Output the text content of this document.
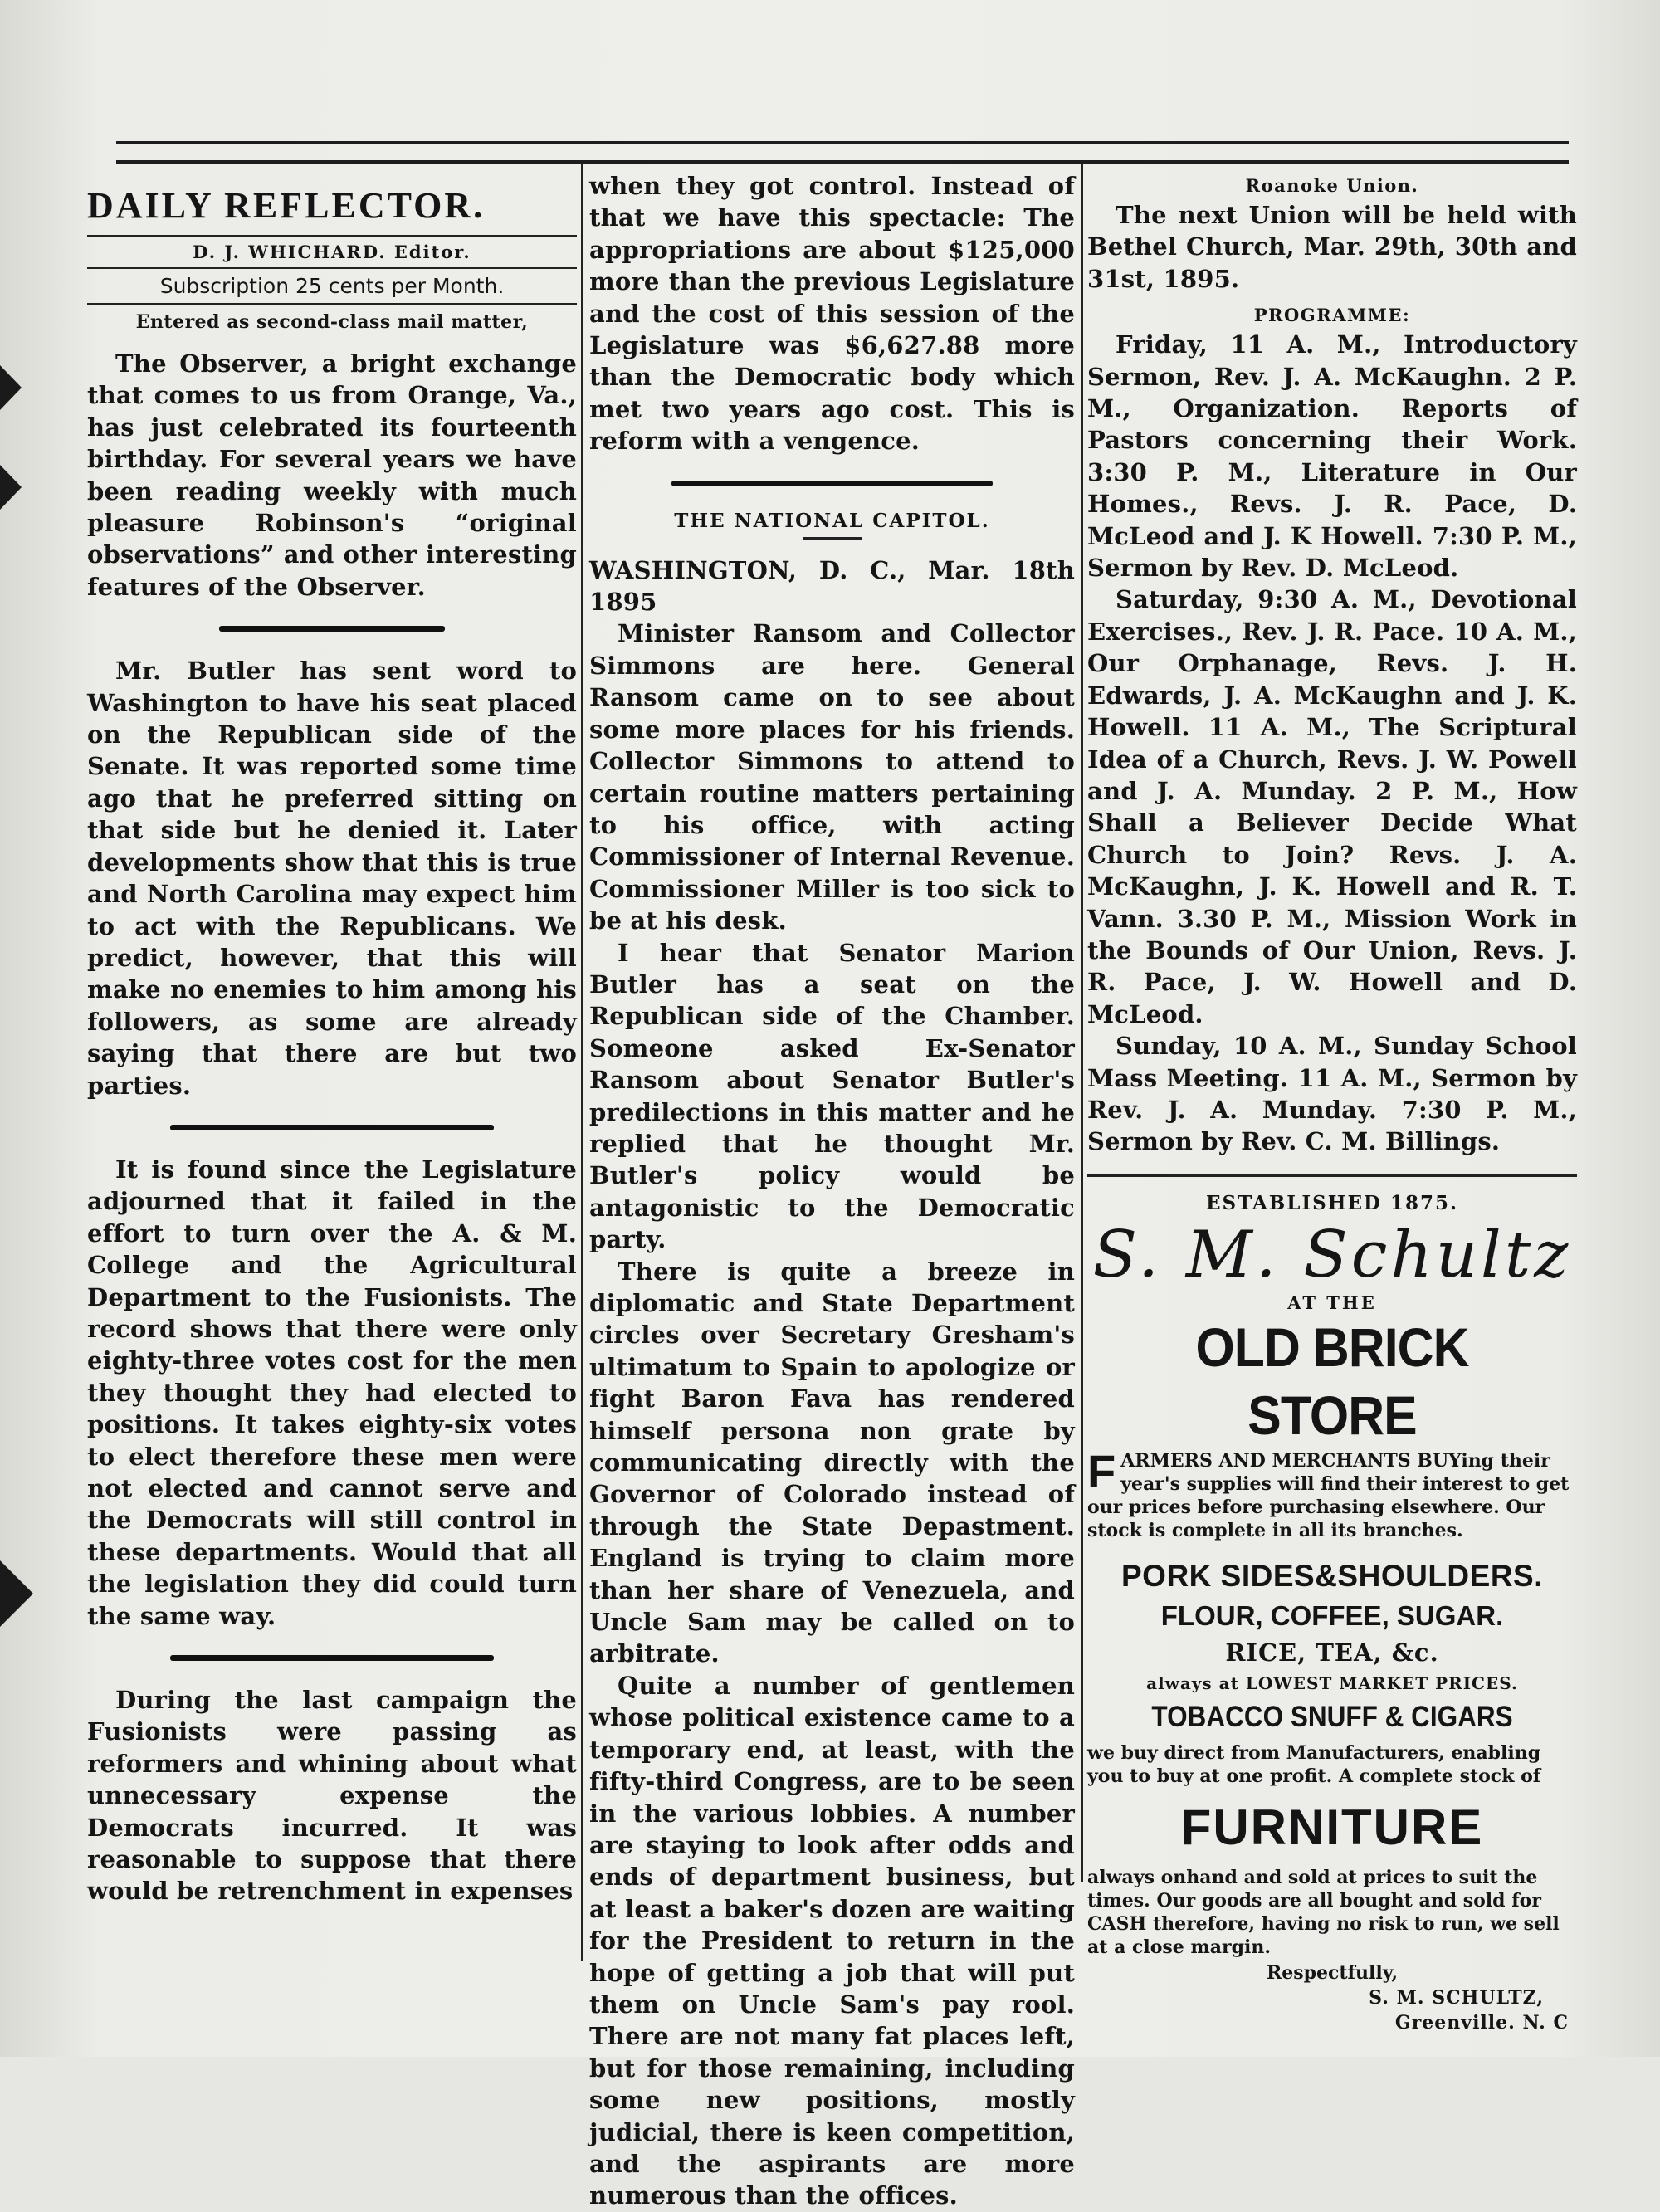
DAILY REFLECTOR.
D. J. WHICHARD. Editor.
Subscription 25 cents per Month.
Entered as second-class mail matter,

The Observer, a bright exchange that comes to us from Orange, Va., has just celebrated its fourteenth birthday. For several years we have been reading weekly with much pleasure Robinson's “original observations” and other interesting features of the Observer.

Mr. Butler has sent word to Washington to have his seat placed on the Republican side of the Senate. It was reported some time ago that he preferred sitting on that side but he denied it. Later developments show that this is true and North Carolina may expect him to act with the Republicans. We predict, however, that this will make no enemies to him among his followers, as some are already saying that there are but two parties.

It is found since the Legislature adjourned that it failed in the effort to turn over the A. & M. College and the Agricultural Department to the Fusionists. The record shows that there were only eighty-three votes cost for the men they thought they had elected to positions. It takes eighty-six votes to elect therefore these men were not elected and cannot serve and the Democrats will still control in these departments. Would that all the legislation they did could turn the same way.

During the last campaign the Fusionists were passing as reformers and whining about what unnecessary expense the Democrats incurred. It was reasonable to suppose that there would be retrenchment in expenses

when they got control. Instead of that we have this spectacle: The appropriations are about $125,000 more than the previous Legislature and the cost of this session of the Legislature was $6,627.88 more than the Democratic body which met two years ago cost. This is reform with a vengence.

THE NATIONAL CAPITOL.

WASHINGTON, D. C., Mar. 18th 1895

Minister Ransom and Collector Simmons are here. General Ransom came on to see about some more places for his friends. Collector Simmons to attend to certain routine matters pertaining to his office, with acting Commissioner of Internal Revenue. Commissioner Miller is too sick to be at his desk.

I hear that Senator Marion Butler has a seat on the Republican side of the Chamber. Someone asked Ex-Senator Ransom about Senator Butler's predilections in this matter and he replied that he thought Mr. Butler's policy would be antagonistic to the Democratic party.

There is quite a breeze in diplomatic and State Department circles over Secretary Gresham's ultimatum to Spain to apologize or fight Baron Fava has rendered himself persona non grate by communicating directly with the Governor of Colorado instead of through the State Depastment. England is trying to claim more than her share of Venezuela, and Uncle Sam may be called on to arbitrate.

Quite a number of gentlemen whose political existence came to a temporary end, at least, with the fifty-third Congress, are to be seen in the various lobbies. A number are staying to look after odds and ends of department business, but at least a baker's dozen are waiting for the President to return in the hope of getting a job that will put them on Uncle Sam's pay rool. There are not many fat places left, but for those remaining, including some new positions, mostly judicial, there is keen competition, and the aspirants are more numerous than the offices.

Roanoke Union.

The next Union will be held with Bethel Church, Mar. 29th, 30th and 31st, 1895.

PROGRAMME:

Friday, 11 A. M., Introductory Sermon, Rev. J. A. McKaughn. 2 P. M., Organization. Reports of Pastors concerning their Work. 3:30 P. M., Literature in Our Homes., Revs. J. R. Pace, D. McLeod and J. K Howell. 7:30 P. M., Sermon by Rev. D. McLeod.

Saturday, 9:30 A. M., Devotional Exercises., Rev. J. R. Pace. 10 A. M., Our Orphanage, Revs. J. H. Edwards, J. A. McKaughn and J. K. Howell. 11 A. M., The Scriptural Idea of a Church, Revs. J. W. Powell and J. A. Munday. 2 P. M., How Shall a Believer Decide What Church to Join? Revs. J. A. McKaughn, J. K. Howell and R. T. Vann. 3.30 P. M., Mission Work in the Bounds of Our Union, Revs. J. R. Pace, J. W. Howell and D. McLeod.

Sunday, 10 A. M., Sunday School Mass Meeting. 11 A. M., Sermon by Rev. J. A. Munday. 7:30 P. M., Sermon by Rev. C. M. Billings.

ESTABLISHED 1875.
S. M. Schultz
AT THE
OLD BRICK STORE
FARMERS AND MERCHANTS BUYing their year's supplies will find their interest to get our prices before purchasing elsewhere. Our stock is complete in all its branches.
PORK SIDES&SHOULDERS.
FLOUR, COFFEE, SUGAR.
RICE, TEA, &c.
always at LOWEST MARKET PRICES.
TOBACCO SNUFF & CIGARS
we buy direct from Manufacturers, enabling you to buy at one profit. A complete stock of
FURNITURE
always onhand and sold at prices to suit the times. Our goods are all bought and sold for CASH therefore, having no risk to run, we sell at a close margin.
Respectfully,
S. M. SCHULTZ,
Greenville. N. C
